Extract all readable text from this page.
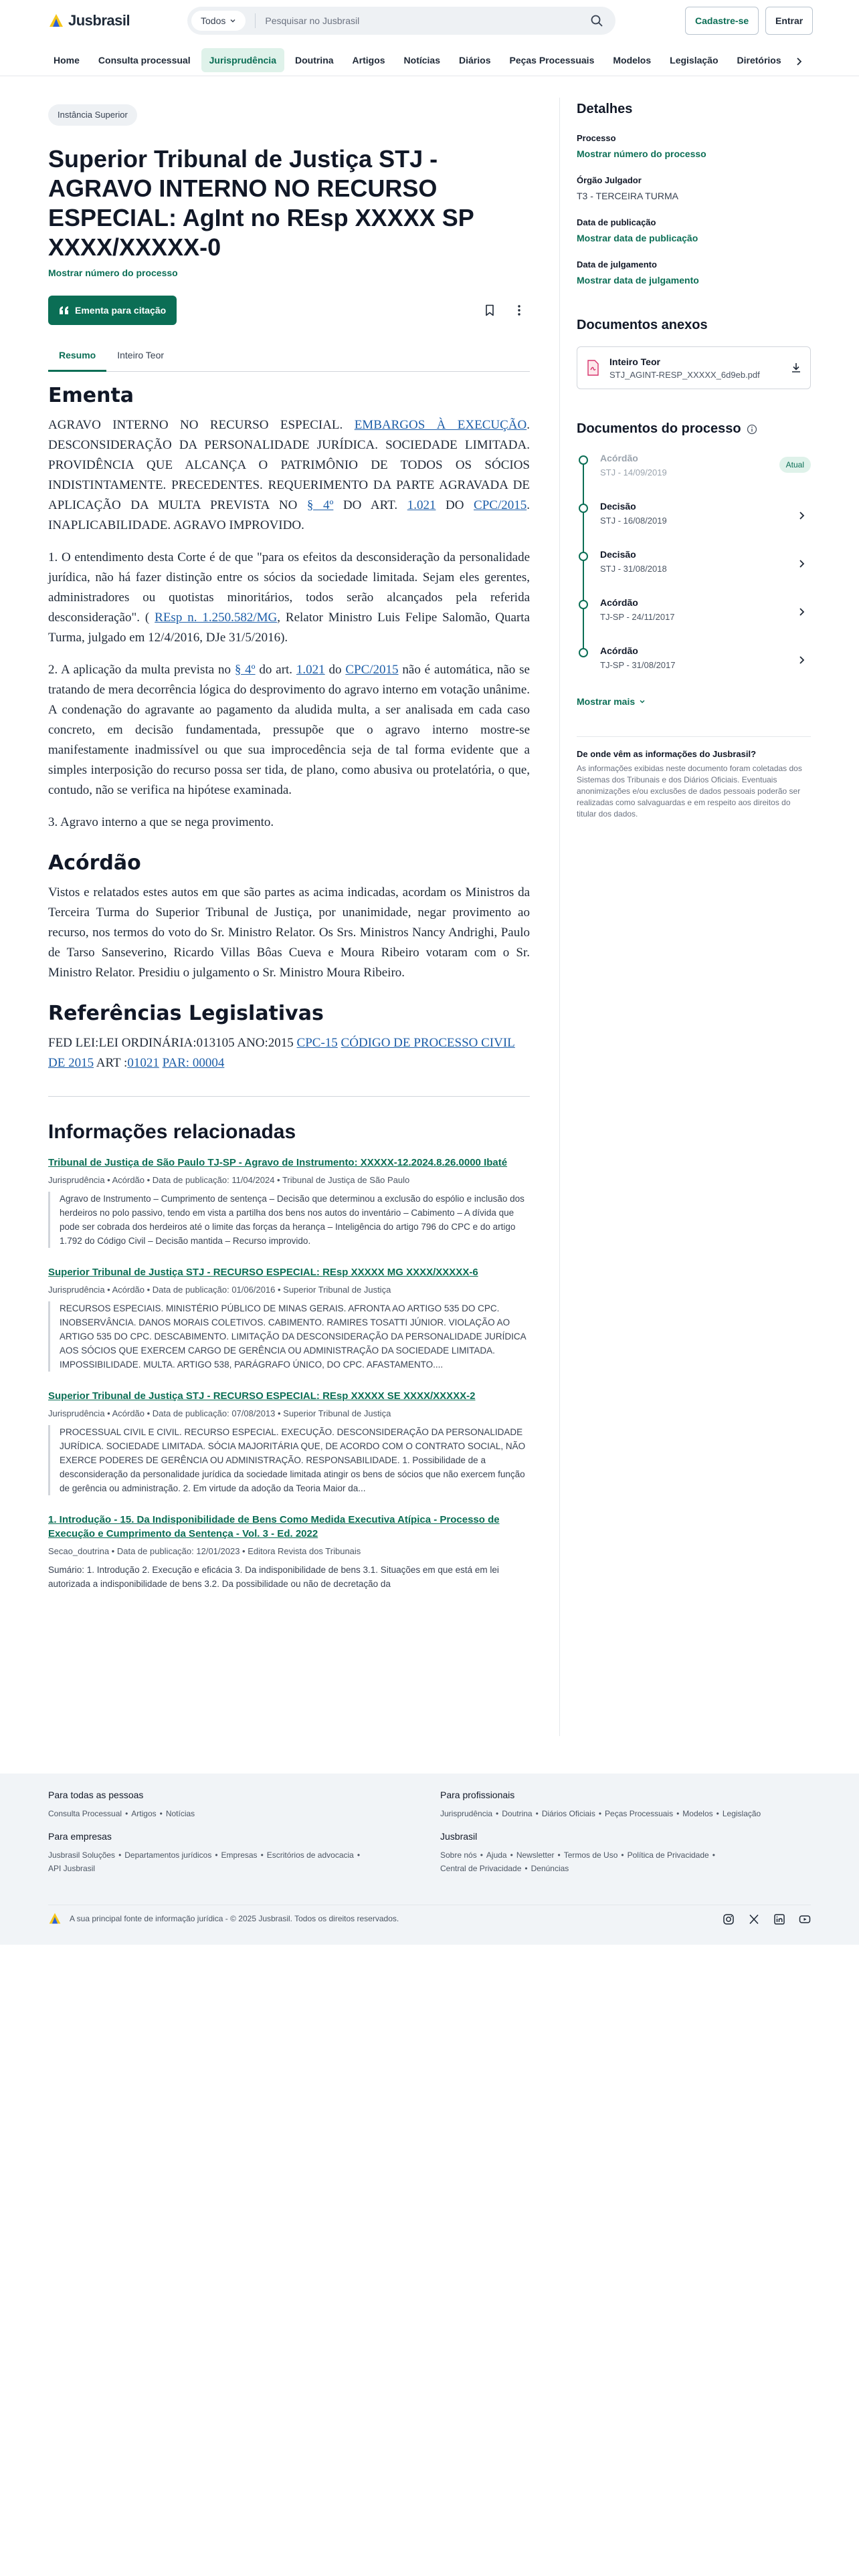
Jusbrasil	Todos	Pesquisar no Jusbrasil	Cadastre-se	Entrar
Home	Consulta processual	Jurisprudência	Doutrina	Artigos	Notícias	Diários	Peças Processuais	Modelos	Legislação	Diretórios
Instância Superior
Superior Tribunal de Justiça STJ - AGRAVO INTERNO NO RECURSO ESPECIAL: AgInt no REsp XXXXX SP XXXX/XXXXX-0
Mostrar número do processo
Ementa para citação
Resumo	Inteiro Teor
Ementa

AGRAVO INTERNO NO RECURSO ESPECIAL. EMBARGOS À EXECUÇÃO. DESCONSIDERAÇÃO DA PERSONALIDADE JURÍDICA. SOCIEDADE LIMITADA. PROVIDÊNCIA QUE ALCANÇA O PATRIMÔNIO DE TODOS OS SÓCIOS INDISTINTAMENTE. PRECEDENTES. REQUERIMENTO DA PARTE AGRAVADA DE APLICAÇÃO DA MULTA PREVISTA NO § 4º DO ART. 1.021 DO CPC/2015. INAPLICABILIDADE. AGRAVO IMPROVIDO.

1. O entendimento desta Corte é de que "para os efeitos da desconsideração da personalidade jurídica, não há fazer distinção entre os sócios da sociedade limitada. Sejam eles gerentes, administradores ou quotistas minoritários, todos serão alcançados pela referida desconsideração". ( REsp n. 1.250.582/MG, Relator Ministro Luis Felipe Salomão, Quarta Turma, julgado em 12/4/2016, DJe 31/5/2016).

2. A aplicação da multa prevista no § 4º do art. 1.021 do CPC/2015 não é automática, não se tratando de mera decorrência lógica do desprovimento do agravo interno em votação unânime. A condenação do agravante ao pagamento da aludida multa, a ser analisada em cada caso concreto, em decisão fundamentada, pressupõe que o agravo interno mostre-se manifestamente inadmissível ou que sua improcedência seja de tal forma evidente que a simples interposição do recurso possa ser tida, de plano, como abusiva ou protelatória, o que, contudo, não se verifica na hipótese examinada.

3. Agravo interno a que se nega provimento.

Acórdão

Vistos e relatados estes autos em que são partes as acima indicadas, acordam os Ministros da Terceira Turma do Superior Tribunal de Justiça, por unanimidade, negar provimento ao recurso, nos termos do voto do Sr. Ministro Relator. Os Srs. Ministros Nancy Andrighi, Paulo de Tarso Sanseverino, Ricardo Villas Bôas Cueva e Moura Ribeiro votaram com o Sr. Ministro Relator. Presidiu o julgamento o Sr. Ministro Moura Ribeiro.

Referências Legislativas

FED LEI:LEI ORDINÁRIA:013105 ANO:2015 CPC-15 CÓDIGO DE PROCESSO CIVIL DE 2015 ART :01021 PAR: 00004

Informações relacionadas
Tribunal de Justiça de São Paulo TJ-SP - Agravo de Instrumento: XXXXX-12.2024.8.26.0000 Ibaté
Jurisprudência • Acórdão • Data de publicação: 11/04/2024 • Tribunal de Justiça de São Paulo
Agravo de Instrumento – Cumprimento de sentença – Decisão que determinou a exclusão do espólio e inclusão dos herdeiros no polo passivo, tendo em vista a partilha dos bens nos autos do inventário – Cabimento – A dívida que pode ser cobrada dos herdeiros até o limite das forças da herança – Inteligência do artigo 796 do CPC e do artigo 1.792 do Código Civil – Decisão mantida – Recurso improvido.
Superior Tribunal de Justiça STJ - RECURSO ESPECIAL: REsp XXXXX MG XXXX/XXXXX-6
Jurisprudência • Acórdão • Data de publicação: 01/06/2016 • Superior Tribunal de Justiça
RECURSOS ESPECIAIS. MINISTÉRIO PÚBLICO DE MINAS GERAIS. AFRONTA AO ARTIGO 535 DO CPC. INOBSERVÂNCIA. DANOS MORAIS COLETIVOS. CABIMENTO. RAMIRES TOSATTI JÚNIOR. VIOLAÇÃO AO ARTIGO 535 DO CPC. DESCABIMENTO. LIMITAÇÃO DA DESCONSIDERAÇÃO DA PERSONALIDADE JURÍDICA AOS SÓCIOS QUE EXERCEM CARGO DE GERÊNCIA OU ADMINISTRAÇÃO DA SOCIEDADE LIMITADA. IMPOSSIBILIDADE. MULTA. ARTIGO 538, PARÁGRAFO ÚNICO, DO CPC. AFASTAMENTO....
Superior Tribunal de Justiça STJ - RECURSO ESPECIAL: REsp XXXXX SE XXXX/XXXXX-2
Jurisprudência • Acórdão • Data de publicação: 07/08/2013 • Superior Tribunal de Justiça
PROCESSUAL CIVIL E CIVIL. RECURSO ESPECIAL. EXECUÇÃO. DESCONSIDERAÇÃO DA PERSONALIDADE JURÍDICA. SOCIEDADE LIMITADA. SÓCIA MAJORITÁRIA QUE, DE ACORDO COM O CONTRATO SOCIAL, NÃO EXERCE PODERES DE GERÊNCIA OU ADMINISTRAÇÃO. RESPONSABILIDADE. 1. Possibilidade de a desconsideração da personalidade jurídica da sociedade limitada atingir os bens de sócios que não exercem função de gerência ou administração. 2. Em virtude da adoção da Teoria Maior da...
1. Introdução - 15. Da Indisponibilidade de Bens Como Medida Executiva Atípica - Processo de Execução e Cumprimento da Sentença - Vol. 3 - Ed. 2022
Secao_doutrina • Data de publicação: 12/01/2023 • Editora Revista dos Tribunais
Sumário: 1. Introdução 2. Execução e eficácia 3. Da indisponibilidade de bens 3.1. Situações em que está em lei autorizada a indisponibilidade de bens 3.2. Da possibilidade ou não de decretação da
Detalhes
Processo
Mostrar número do processo
Órgão Julgador
T3 - TERCEIRA TURMA
Data de publicação
Mostrar data de publicação
Data de julgamento
Mostrar data de julgamento
Documentos anexos
Inteiro Teor
STJ_AGINT-RESP_XXXXX_6d9eb.pdf
Documentos do processo
Acórdão
STJ - 14/09/2019
Atual
Decisão
STJ - 16/08/2019
Decisão
STJ - 31/08/2018
Acórdão
TJ-SP - 24/11/2017
Acórdão
TJ-SP - 31/08/2017
Mostrar mais
De onde vêm as informações do Jusbrasil?
As informações exibidas neste documento foram coletadas dos Sistemas dos Tribunais e dos Diários Oficiais. Eventuais anonimizações e/ou exclusões de dados pessoais poderão ser realizadas como salvaguardas e em respeito aos direitos do titular dos dados.
Para todas as pessoas
Consulta Processual • Artigos • Notícias
Para empresas
Jusbrasil Soluções • Departamentos jurídicos • Empresas • Escritórios de advocacia •
API Jusbrasil
Para profissionais
Jurisprudência • Doutrina • Diários Oficiais • Peças Processuais • Modelos • Legislação
Jusbrasil
Sobre nós • Ajuda • Newsletter • Termos de Uso • Política de Privacidade •
Central de Privacidade • Denúncias
A sua principal fonte de informação jurídica - © 2025 Jusbrasil. Todos os direitos reservados.
